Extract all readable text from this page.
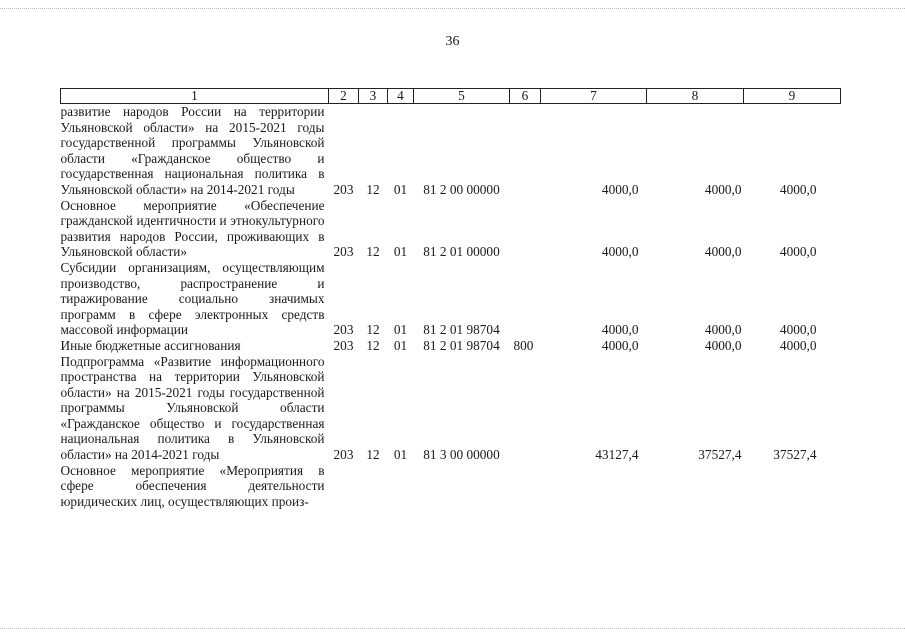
36
1	2	3	4	5	6	7	8	9
развитие народов России на территории Ульяновской области» на 2015-2021 годы государственной программы Ульяновской области «Гражданское общество и государственная национальная политика в Ульяновской области» на 2014-2021 годы	203	12	01	81 2 00 00000		4000,0	4000,0	4000,0
Основное мероприятие «Обеспечение гражданской идентичности и этнокультурного развития народов России, проживающих в Ульяновской области»	203	12	01	81 2 01 00000		4000,0	4000,0	4000,0
Субсидии организациям, осуществляющим производство, распространение и тиражирование социально значимых программ в сфере электронных средств массовой информации	203	12	01	81 2 01 98704		4000,0	4000,0	4000,0
Иные бюджетные ассигнования	203	12	01	81 2 01 98704	800	4000,0	4000,0	4000,0
Подпрограмма «Развитие информационного пространства на территории Ульяновской области» на 2015-2021 годы государственной программы Ульяновской области «Гражданское общество и государственная национальная политика в Ульяновской области» на 2014-2021 годы	203	12	01	81 3 00 00000		43127,4	37527,4	37527,4
Основное мероприятие «Мероприятия в сфере обеспечения деятельности юридических лиц, осуществляющих произ-								
